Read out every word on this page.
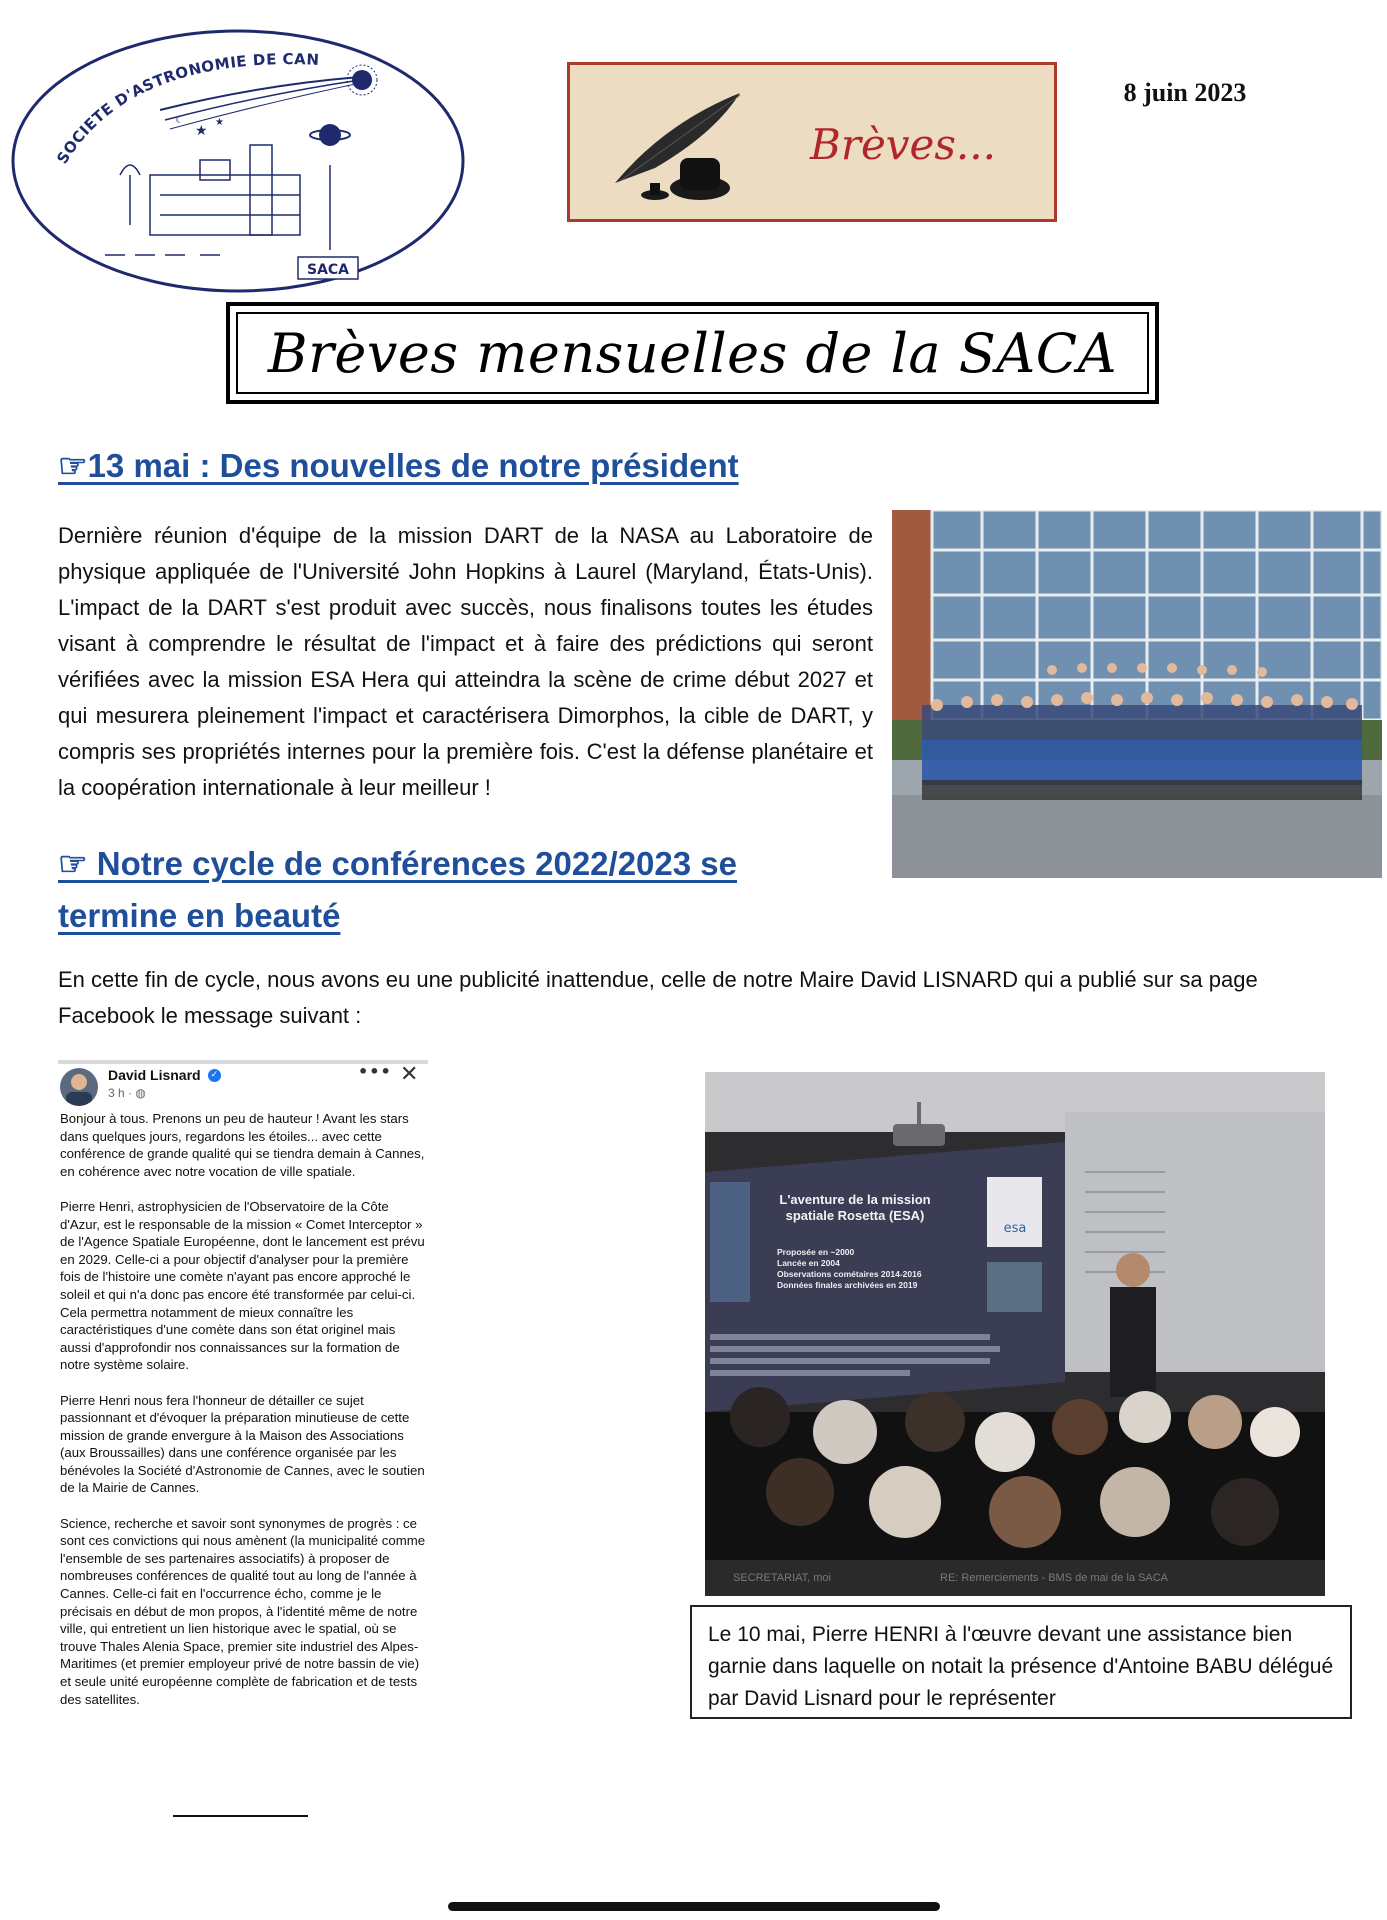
SOCIETE D'ASTRONOMIE DE CAN
★
★
☾
SACA
Brèves...
8 juin 2023
Brèves mensuelles de la SACA
☞13 mai : Des nouvelles de notre président
Dernière réunion d'équipe de la mission DART de la NASA au Laboratoire de physique appliquée de l'Université John Hopkins à Laurel (Maryland, États-Unis). L'impact de la DART s'est produit avec succès, nous finalisons toutes les études visant à comprendre le résultat de l'impact et à faire des prédictions qui seront vérifiées avec la mission ESA Hera qui atteindra la scène de crime début 2027 et qui mesurera pleinement l'impact et caractérisera Dimorphos, la cible de DART, y compris ses propriétés internes pour la première fois. C'est la défense planétaire et la coopération internationale à leur meilleur !
☞ Notre cycle de conférences 2022/2023 se termine en beauté
En cette fin de cycle, nous avons eu une publicité inattendue, celle de notre Maire David LISNARD qui a publié sur sa page Facebook le message suivant :
David Lisnard	✓
3 h · ◍
••• ✕

Bonjour à tous. Prenons un peu de hauteur ! Avant les stars dans quelques jours, regardons les étoiles... avec cette conférence de grande qualité qui se tiendra demain à Cannes, en cohérence avec notre vocation de ville spatiale.

Pierre Henri, astrophysicien de l'Observatoire de la Côte d'Azur, est le responsable de la mission « Comet Interceptor » de l'Agence Spatiale Européenne, dont le lancement est prévu en 2029. Celle-ci a pour objectif d'analyser pour la première fois de l'histoire une comète n'ayant pas encore approché le soleil et qui n'a donc pas encore été transformée par celui-ci. Cela permettra notamment de mieux connaître les caractéristiques d'une comète dans son état originel mais aussi d'approfondir nos connaissances sur la formation de notre système solaire.

Pierre Henri nous fera l'honneur de détailler ce sujet passionnant et d'évoquer la préparation minutieuse de cette mission de grande envergure à la Maison des Associations (aux Broussailles) dans une conférence organisée par les bénévoles la Société d'Astronomie de Cannes, avec le soutien de la Mairie de Cannes.

Science, recherche et savoir sont synonymes de progrès : ce sont ces convictions qui nous amènent (la municipalité comme l'ensemble de ses partenaires associatifs) à proposer de nombreuses conférences de qualité tout au long de l'année à Cannes. Celle-ci fait en l'occurrence écho, comme je le précisais en début de mon propos, à l'identité même de notre ville, qui entretient un lien historique avec le spatial, où se trouve Thales Alenia Space, premier site industriel des Alpes-Maritimes (et premier employeur privé de notre bassin de vie) et seule unité européenne complète de fabrication et de tests des satellites.

esa
L'aventure de la mission spatiale Rosetta (ESA)
Proposée en ~2000
Lancée en 2004
Observations cométaires 2014-2016
Données finales archivées en 2019
SECRETARIAT, moi	RE: Remerciements - BMS de mai de la SACA
Le 10 mai, Pierre HENRI à l'œuvre devant une assistance bien garnie dans laquelle on notait la présence d'Antoine BABU délégué par David Lisnard pour le représenter
